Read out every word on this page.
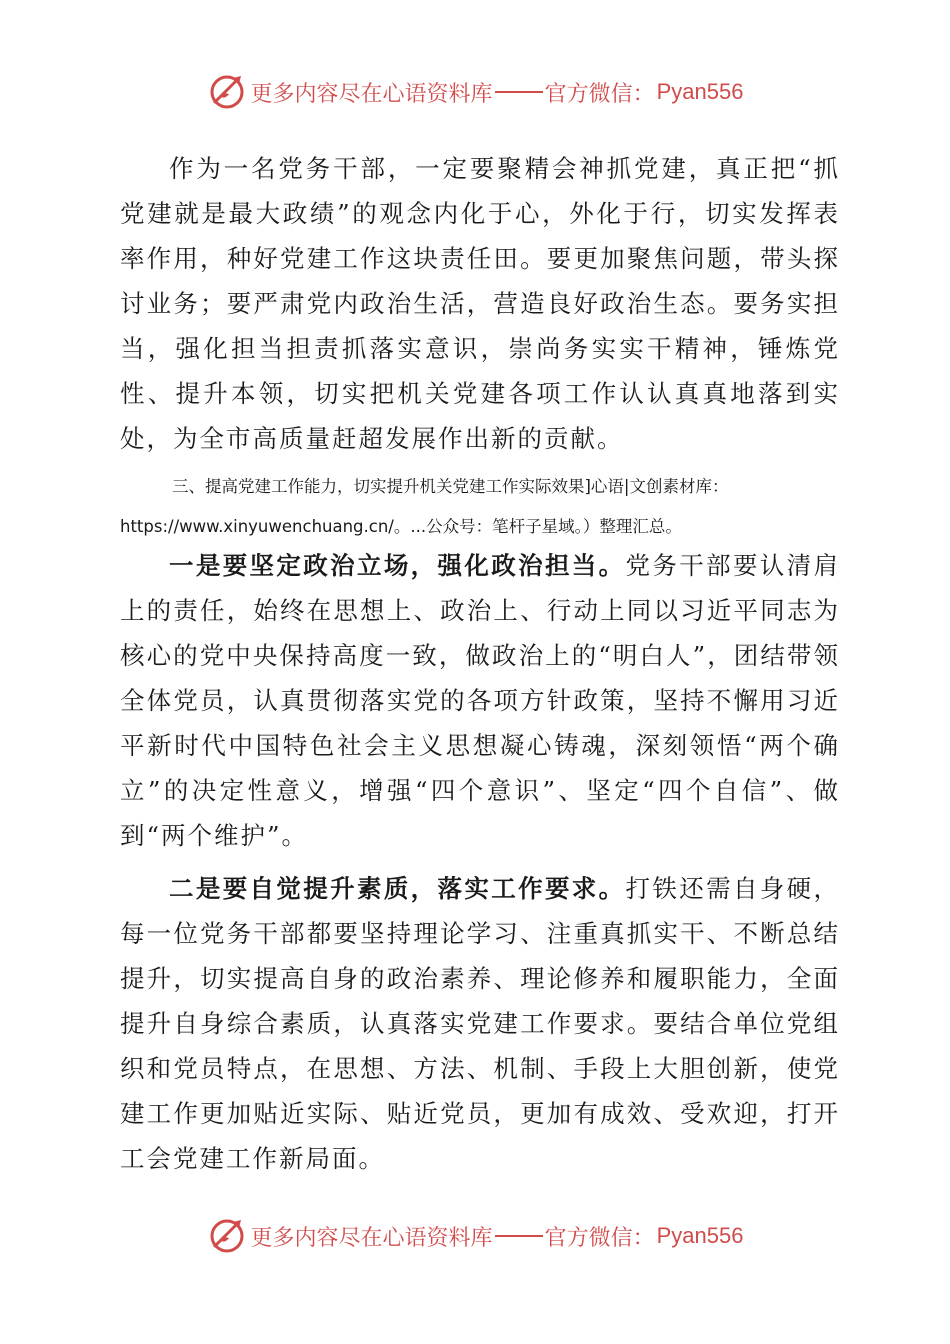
更多内容尽在心语资料库 官方微信： Pyan556

作为一名党务干部，一定要聚精会神抓党建，真正把“抓党建就是最大政绩”的观念内化于心，外化于行，切实发挥表率作用，种好党建工作这块责任田。要更加聚焦问题，带头探讨业务；要严肃党内政治生活，营造良好政治生态。要务实担当，强化担当担责抓落实意识，崇尚务实实干精神，锤炼党性、提升本领，切实把机关党建各项工作认认真真地落到实处，为全市高质量赶超发展作出新的贡献。

三、提高党建工作能力，切实提升机关党建工作实际效果]心语|文创素材库：

https://www.xinyuwenchuang.cn/。...公众号：笔杆子星域。）整理汇总。

一是要坚定政治立场，强化政治担当。党务干部要认清肩上的责任，始终在思想上、政治上、行动上同以习近平同志为核心的党中央保持高度一致，做政治上的“明白人”，团结带领全体党员，认真贯彻落实党的各项方针政策，坚持不懈用习近平新时代中国特色社会主义思想凝心铸魂，深刻领悟“两个确立”的决定性意义，增强“四个意识”、坚定“四个自信”、做到“两个维护”。

二是要自觉提升素质，落实工作要求。打铁还需自身硬，每一位党务干部都要坚持理论学习、注重真抓实干、不断总结提升，切实提高自身的政治素养、理论修养和履职能力，全面提升自身综合素质，认真落实党建工作要求。要结合单位党组织和党员特点，在思想、方法、机制、手段上大胆创新，使党建工作更加贴近实际、贴近党员，更加有成效、受欢迎，打开工会党建工作新局面。

更多内容尽在心语资料库 官方微信： Pyan556
